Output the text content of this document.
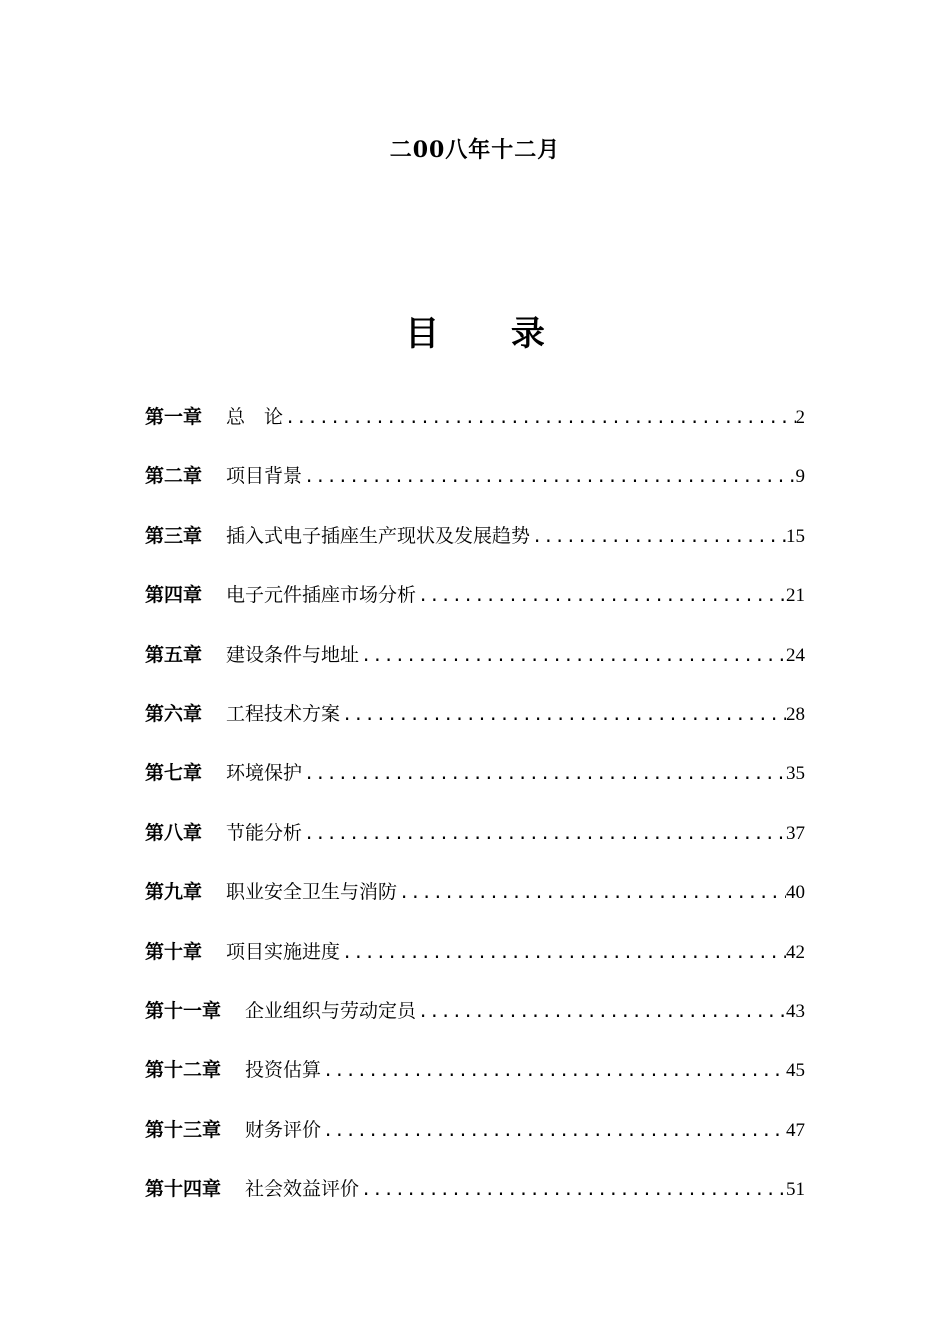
二00八年十二月
目 录
第一章 总　论 .....	2
第二章 项目背景 .....	9
第三章 插入式电子插座生产现状及发展趋势 .....	15
第四章 电子元件插座市场分析 .....	21
第五章 建设条件与地址 .....	24
第六章 工程技术方案 .....	28
第七章 环境保护 .....	35
第八章 节能分析 .....	37
第九章 职业安全卫生与消防 .....	40
第十章 项目实施进度 .....	42
第十一章 企业组织与劳动定员 .....	43
第十二章 投资估算 .....	45
第十三章 财务评价 .....	47
第十四章 社会效益评价 .....	51
